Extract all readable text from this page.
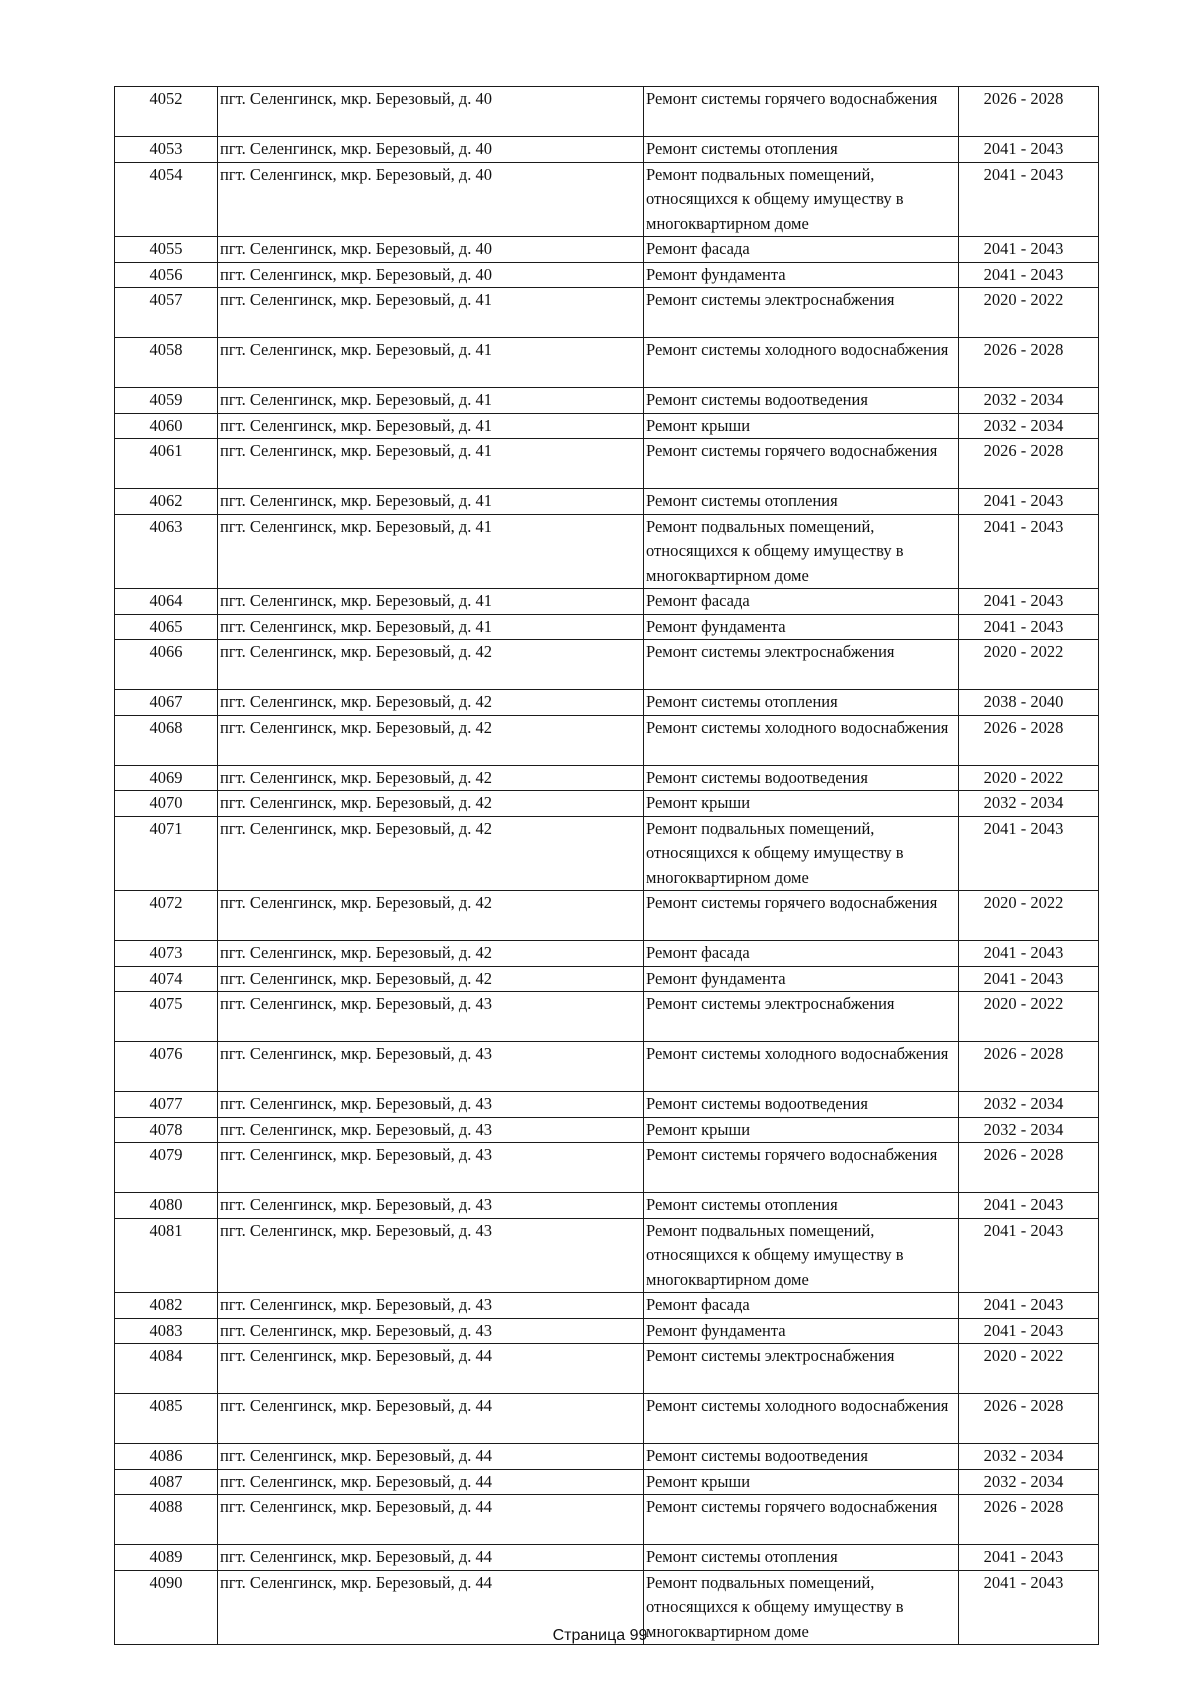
4052	пгт. Селенгинск, мкр. Березовый, д. 40	Ремонт системы горячего водоснабжения	2026 - 2028
4053	пгт. Селенгинск, мкр. Березовый, д. 40	Ремонт системы отопления	2041 - 2043
4054	пгт. Селенгинск, мкр. Березовый, д. 40	Ремонт подвальных помещений, относящихся к общему имуществу в многоквартирном доме	2041 - 2043
4055	пгт. Селенгинск, мкр. Березовый, д. 40	Ремонт фасада	2041 - 2043
4056	пгт. Селенгинск, мкр. Березовый, д. 40	Ремонт фундамента	2041 - 2043
4057	пгт. Селенгинск, мкр. Березовый, д. 41	Ремонт системы электроснабжения	2020 - 2022
4058	пгт. Селенгинск, мкр. Березовый, д. 41	Ремонт системы холодного водоснабжения	2026 - 2028
4059	пгт. Селенгинск, мкр. Березовый, д. 41	Ремонт системы водоотведения	2032 - 2034
4060	пгт. Селенгинск, мкр. Березовый, д. 41	Ремонт крыши	2032 - 2034
4061	пгт. Селенгинск, мкр. Березовый, д. 41	Ремонт системы горячего водоснабжения	2026 - 2028
4062	пгт. Селенгинск, мкр. Березовый, д. 41	Ремонт системы отопления	2041 - 2043
4063	пгт. Селенгинск, мкр. Березовый, д. 41	Ремонт подвальных помещений, относящихся к общему имуществу в многоквартирном доме	2041 - 2043
4064	пгт. Селенгинск, мкр. Березовый, д. 41	Ремонт фасада	2041 - 2043
4065	пгт. Селенгинск, мкр. Березовый, д. 41	Ремонт фундамента	2041 - 2043
4066	пгт. Селенгинск, мкр. Березовый, д. 42	Ремонт системы электроснабжения	2020 - 2022
4067	пгт. Селенгинск, мкр. Березовый, д. 42	Ремонт системы отопления	2038 - 2040
4068	пгт. Селенгинск, мкр. Березовый, д. 42	Ремонт системы холодного водоснабжения	2026 - 2028
4069	пгт. Селенгинск, мкр. Березовый, д. 42	Ремонт системы водоотведения	2020 - 2022
4070	пгт. Селенгинск, мкр. Березовый, д. 42	Ремонт крыши	2032 - 2034
4071	пгт. Селенгинск, мкр. Березовый, д. 42	Ремонт подвальных помещений, относящихся к общему имуществу в многоквартирном доме	2041 - 2043
4072	пгт. Селенгинск, мкр. Березовый, д. 42	Ремонт системы горячего водоснабжения	2020 - 2022
4073	пгт. Селенгинск, мкр. Березовый, д. 42	Ремонт фасада	2041 - 2043
4074	пгт. Селенгинск, мкр. Березовый, д. 42	Ремонт фундамента	2041 - 2043
4075	пгт. Селенгинск, мкр. Березовый, д. 43	Ремонт системы электроснабжения	2020 - 2022
4076	пгт. Селенгинск, мкр. Березовый, д. 43	Ремонт системы холодного водоснабжения	2026 - 2028
4077	пгт. Селенгинск, мкр. Березовый, д. 43	Ремонт системы водоотведения	2032 - 2034
4078	пгт. Селенгинск, мкр. Березовый, д. 43	Ремонт крыши	2032 - 2034
4079	пгт. Селенгинск, мкр. Березовый, д. 43	Ремонт системы горячего водоснабжения	2026 - 2028
4080	пгт. Селенгинск, мкр. Березовый, д. 43	Ремонт системы отопления	2041 - 2043
4081	пгт. Селенгинск, мкр. Березовый, д. 43	Ремонт подвальных помещений, относящихся к общему имуществу в многоквартирном доме	2041 - 2043
4082	пгт. Селенгинск, мкр. Березовый, д. 43	Ремонт фасада	2041 - 2043
4083	пгт. Селенгинск, мкр. Березовый, д. 43	Ремонт фундамента	2041 - 2043
4084	пгт. Селенгинск, мкр. Березовый, д. 44	Ремонт системы электроснабжения	2020 - 2022
4085	пгт. Селенгинск, мкр. Березовый, д. 44	Ремонт системы холодного водоснабжения	2026 - 2028
4086	пгт. Селенгинск, мкр. Березовый, д. 44	Ремонт системы водоотведения	2032 - 2034
4087	пгт. Селенгинск, мкр. Березовый, д. 44	Ремонт крыши	2032 - 2034
4088	пгт. Селенгинск, мкр. Березовый, д. 44	Ремонт системы горячего водоснабжения	2026 - 2028
4089	пгт. Селенгинск, мкр. Березовый, д. 44	Ремонт системы отопления	2041 - 2043
4090	пгт. Селенгинск, мкр. Березовый, д. 44	Ремонт подвальных помещений, относящихся к общему имуществу в многоквартирном доме	2041 - 2043
Страница 99
